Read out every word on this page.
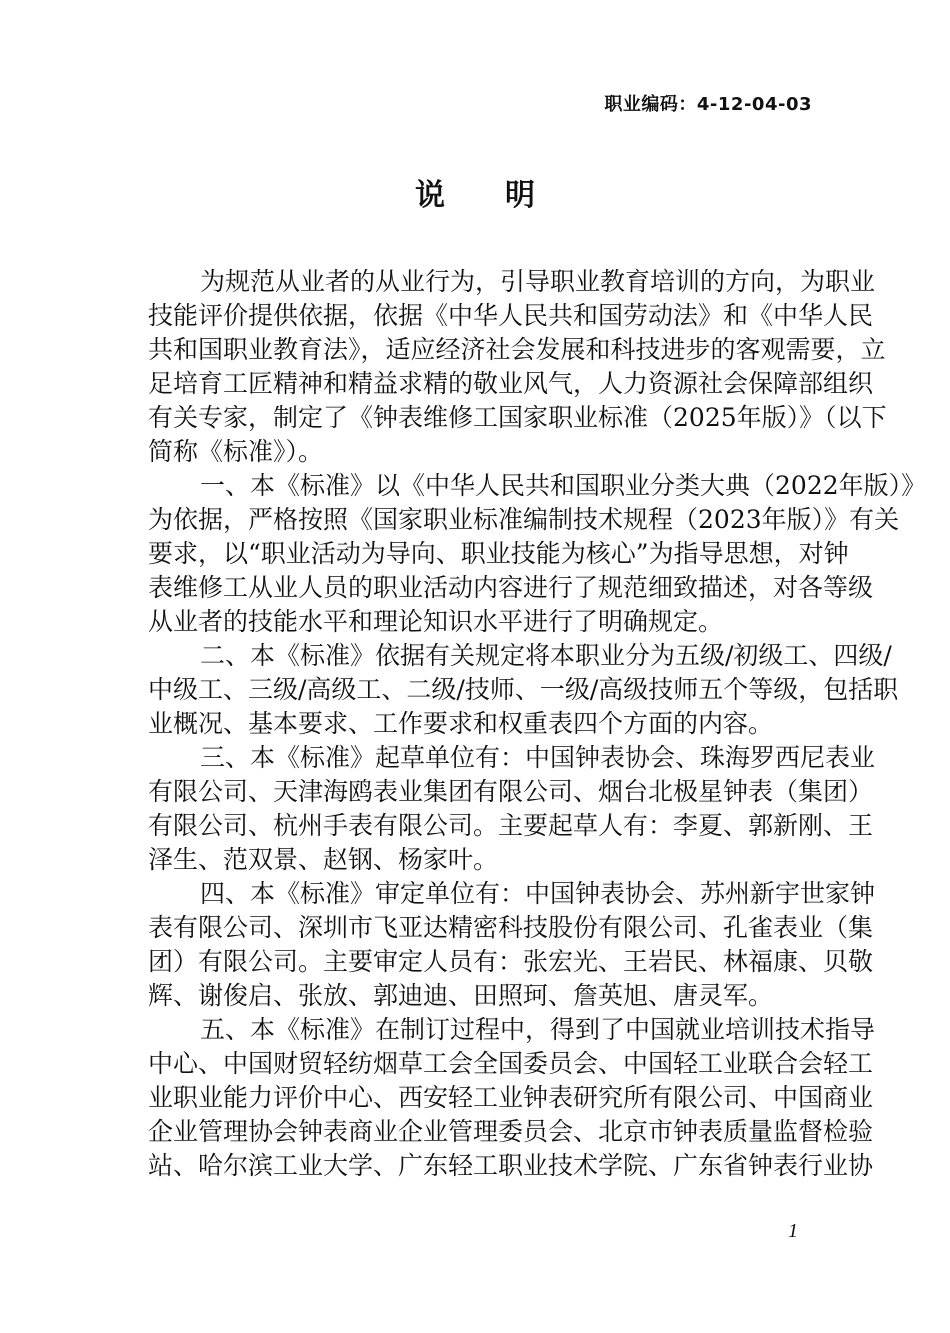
职业编码：4-12-04-03
说 明
为规范从业者的从业行为，引导职业教育培训的方向，为职业
技能评价提供依据，依据《中华人民共和国劳动法》和《中华人民
共和国职业教育法》，适应经济社会发展和科技进步的客观需要，立
足培育工匠精神和精益求精的敬业风气，人力资源社会保障部组织
有关专家，制定了《钟表维修工国家职业标准（2025年版）》（以下
简称《标准》）。
一、本《标准》以《中华人民共和国职业分类大典（2022年版）》
为依据，严格按照《国家职业标准编制技术规程（2023年版）》有关
要求，以“职业活动为导向、职业技能为核心”为指导思想，对钟
表维修工从业人员的职业活动内容进行了规范细致描述，对各等级
从业者的技能水平和理论知识水平进行了明确规定。
二、本《标准》依据有关规定将本职业分为五级/初级工、四级/
中级工、三级/高级工、二级/技师、一级/高级技师五个等级，包括职
业概况、基本要求、工作要求和权重表四个方面的内容。
三、本《标准》起草单位有：中国钟表协会、珠海罗西尼表业
有限公司、天津海鸥表业集团有限公司、烟台北极星钟表（集团）
有限公司、杭州手表有限公司。主要起草人有：李夏、郭新刚、王
泽生、范双景、赵钢、杨家叶。
四、本《标准》审定单位有：中国钟表协会、苏州新宇世家钟
表有限公司、深圳市飞亚达精密科技股份有限公司、孔雀表业（集
团）有限公司。主要审定人员有：张宏光、王岩民、林福康、贝敬
辉、谢俊启、张放、郭迪迪、田照珂、詹英旭、唐灵军。
五、本《标准》在制订过程中，得到了中国就业培训技术指导
中心、中国财贸轻纺烟草工会全国委员会、中国轻工业联合会轻工
业职业能力评价中心、西安轻工业钟表研究所有限公司、中国商业
企业管理协会钟表商业企业管理委员会、北京市钟表质量监督检验
站、哈尔滨工业大学、广东轻工职业技术学院、广东省钟表行业协
1
